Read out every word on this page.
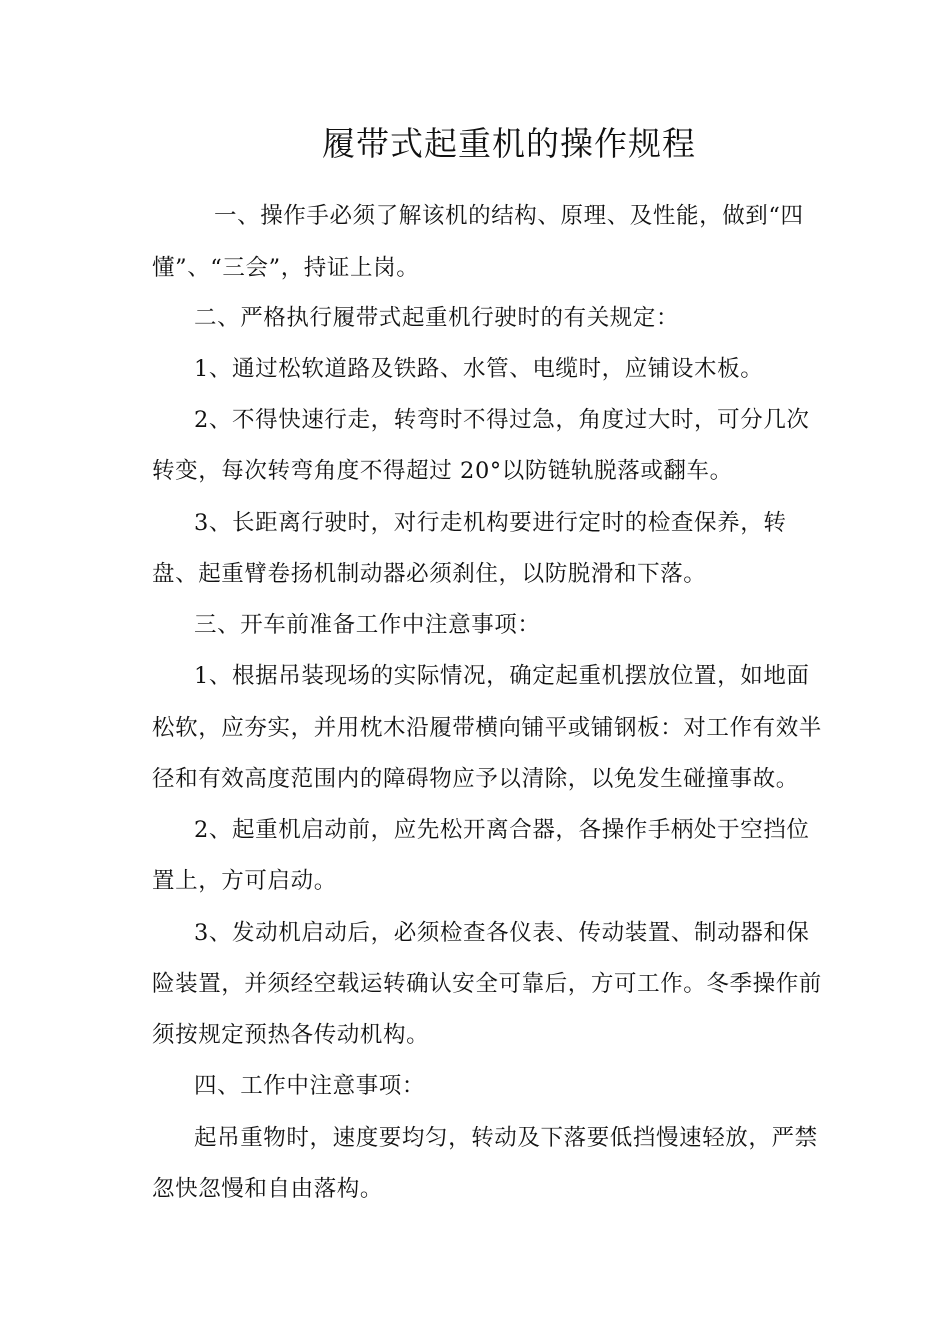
履带式起重机的操作规程
一、操作手必须了解该机的结构、原理、及性能，做到“四
懂”、“三会”，持证上岗。
二、严格执行履带式起重机行驶时的有关规定：
1、通过松软道路及铁路、水管、电缆时，应铺设木板。
2、不得快速行走，转弯时不得过急，角度过大时，可分几次
转变，每次转弯角度不得超过 20°以防链轨脱落或翻车。
3、长距离行驶时，对行走机构要进行定时的检查保养，转
盘、起重臂卷扬机制动器必须刹住，以防脱滑和下落。
三、开车前准备工作中注意事项：
1、根据吊装现场的实际情况，确定起重机摆放位置，如地面
松软，应夯实，并用枕木沿履带横向铺平或铺钢板：对工作有效半
径和有效高度范围内的障碍物应予以清除，以免发生碰撞事故。
2、起重机启动前，应先松开离合器，各操作手柄处于空挡位
置上，方可启动。
3、发动机启动后，必须检查各仪表、传动装置、制动器和保
险装置，并须经空载运转确认安全可靠后，方可工作。冬季操作前
须按规定预热各传动机构。
四、工作中注意事项：
起吊重物时，速度要均匀，转动及下落要低挡慢速轻放，严禁
忽快忽慢和自由落构。
